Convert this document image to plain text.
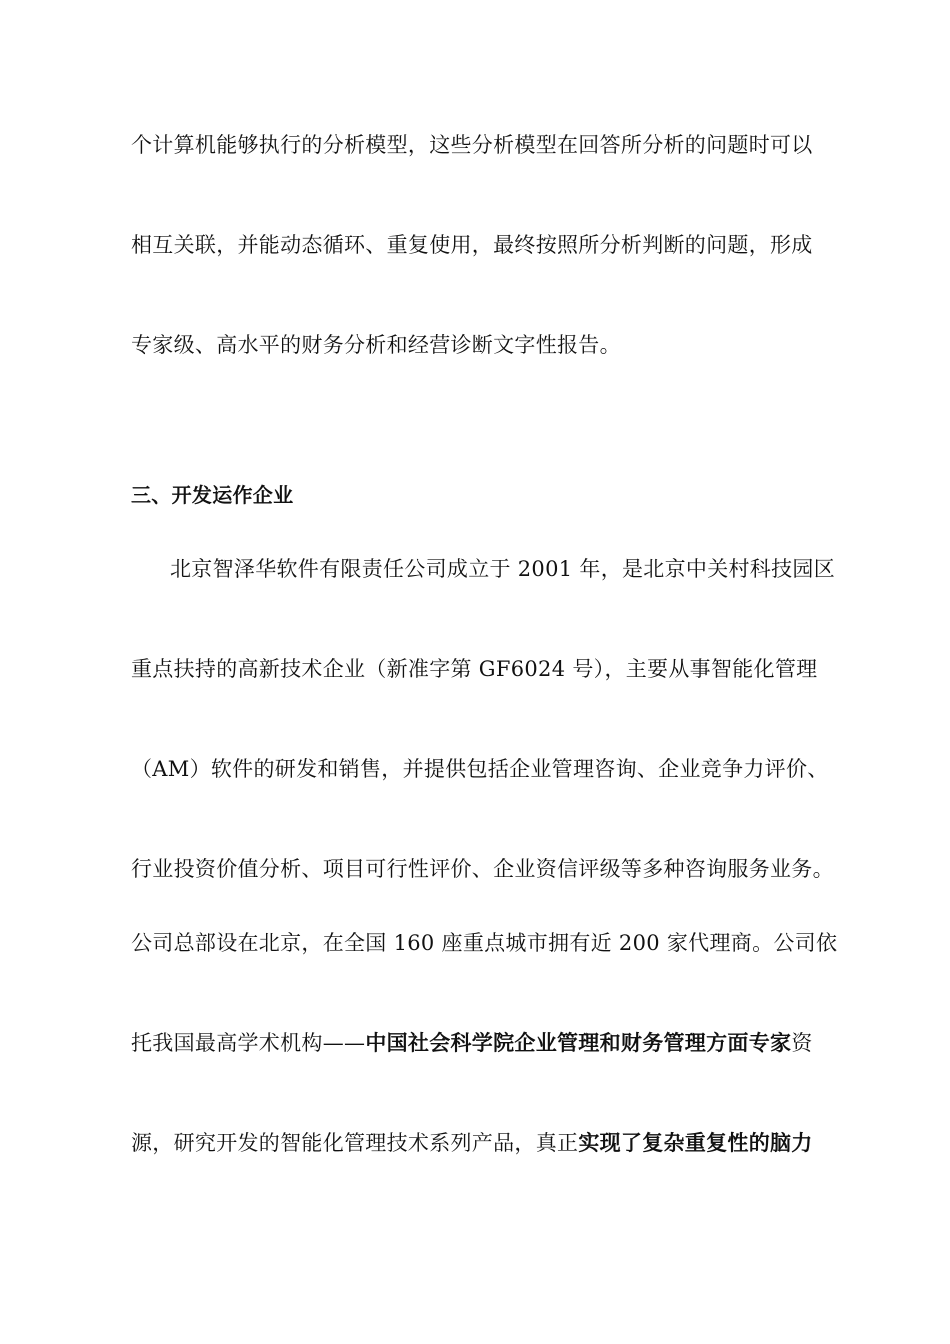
个计算机能够执行的分析模型，这些分析模型在回答所分析的问题时可以
相互关联，并能动态循环、重复使用，最终按照所分析判断的问题，形成
专家级、高水平的财务分析和经营诊断文字性报告。
三、开发运作企业
北京智泽华软件有限责任公司成立于 2001 年，是北京中关村科技园区
重点扶持的高新技术企业（新准字第 GF6024 号），主要从事智能化管理
（AM）软件的研发和销售，并提供包括企业管理咨询、企业竞争力评价、
行业投资价值分析、项目可行性评价、企业资信评级等多种咨询服务业务。
公司总部设在北京，在全国 160 座重点城市拥有近 200 家代理商。公司依
托我国最高学术机构——中国社会科学院企业管理和财务管理方面专家资
源，研究开发的智能化管理技术系列产品，真正实现了复杂重复性的脑力
